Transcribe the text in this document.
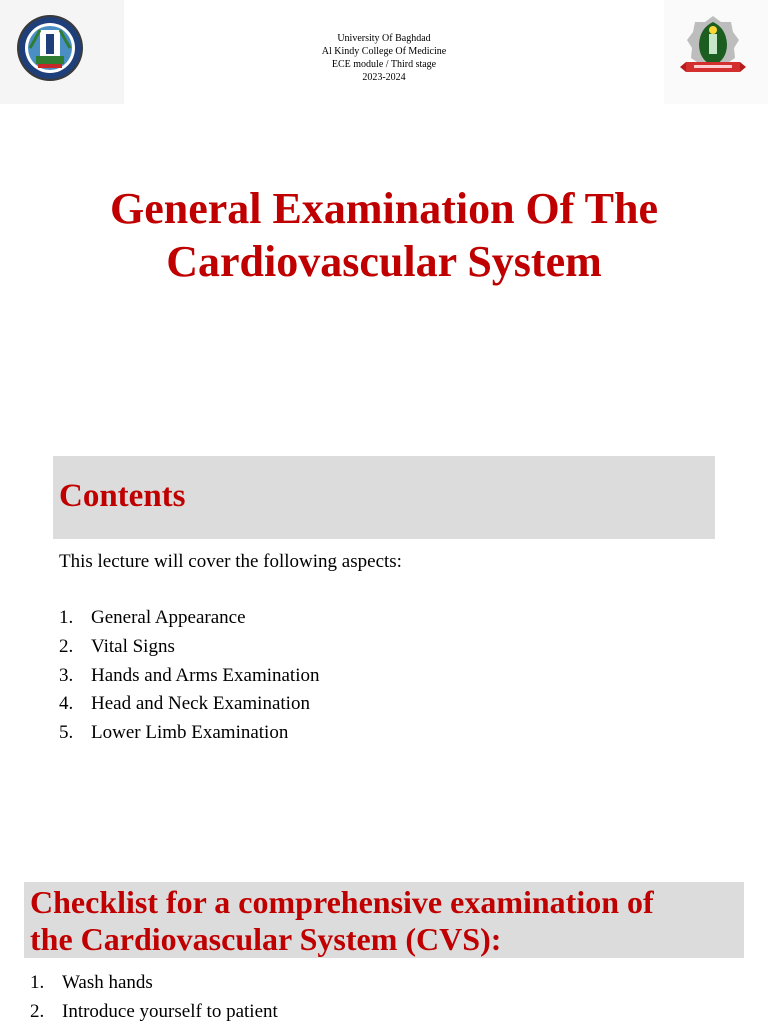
University Of Baghdad
Al Kindy College Of Medicine
ECE module / Third stage
2023-2024
General Examination Of The
Cardiovascular System
Contents
This lecture will cover the following aspects:
1. General Appearance
2. Vital Signs
3. Hands and Arms Examination
4. Head and Neck Examination
5. Lower Limb Examination
Checklist for a comprehensive examination of
the Cardiovascular System (CVS):
1. Wash hands
2. Introduce yourself to patient
